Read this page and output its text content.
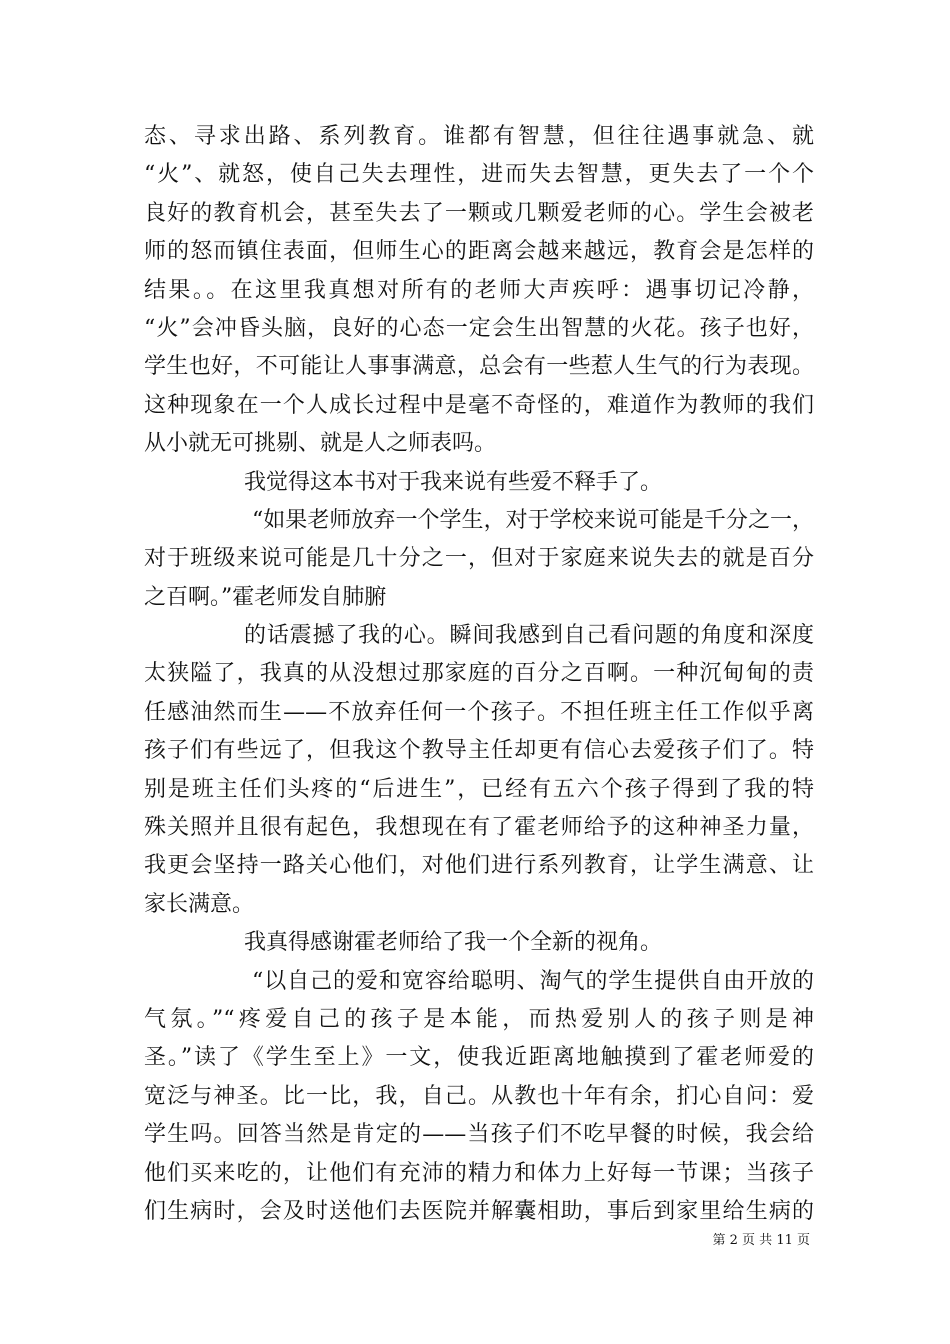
态、寻求出路、系列教育。谁都有智慧，但往往遇事就急、就
“火”、就怒，使自己失去理性，进而失去智慧，更失去了一个个
良好的教育机会，甚至失去了一颗或几颗爱老师的心。学生会被老
师的怒而镇住表面，但师生心的距离会越来越远，教育会是怎样的
结果。。在这里我真想对所有的老师大声疾呼：遇事切记冷静，
“火”会冲昏头脑，良好的心态一定会生出智慧的火花。孩子也好，
学生也好，不可能让人事事满意，总会有一些惹人生气的行为表现。
这种现象在一个人成长过程中是毫不奇怪的，难道作为教师的我们
从小就无可挑剔、就是人之师表吗。
我觉得这本书对于我来说有些爱不释手了。
“如果老师放弃一个学生，对于学校来说可能是千分之一，
对于班级来说可能是几十分之一，但对于家庭来说失去的就是百分
之百啊。”霍老师发自肺腑
的话震撼了我的心。瞬间我感到自己看问题的角度和深度
太狭隘了，我真的从没想过那家庭的百分之百啊。一种沉甸甸的责
任感油然而生——不放弃任何一个孩子。不担任班主任工作似乎离
孩子们有些远了，但我这个教导主任却更有信心去爱孩子们了。特
别是班主任们头疼的“后进生”，已经有五六个孩子得到了我的特
殊关照并且很有起色，我想现在有了霍老师给予的这种神圣力量，
我更会坚持一路关心他们，对他们进行系列教育，让学生满意、让
家长满意。
我真得感谢霍老师给了我一个全新的视角。
“以自己的爱和宽容给聪明、淘气的学生提供自由开放的
气氛。”“疼爱自己的孩子是本能，而热爱别人的孩子则是神
圣。”读了《学生至上》一文，使我近距离地触摸到了霍老师爱的
宽泛与神圣。比一比，我，自己。从教也十年有余，扪心自问：爱
学生吗。回答当然是肯定的——当孩子们不吃早餐的时候，我会给
他们买来吃的，让他们有充沛的精力和体力上好每一节课；当孩子
们生病时，会及时送他们去医院并解囊相助，事后到家里给生病的
第 2 页 共 11 页
